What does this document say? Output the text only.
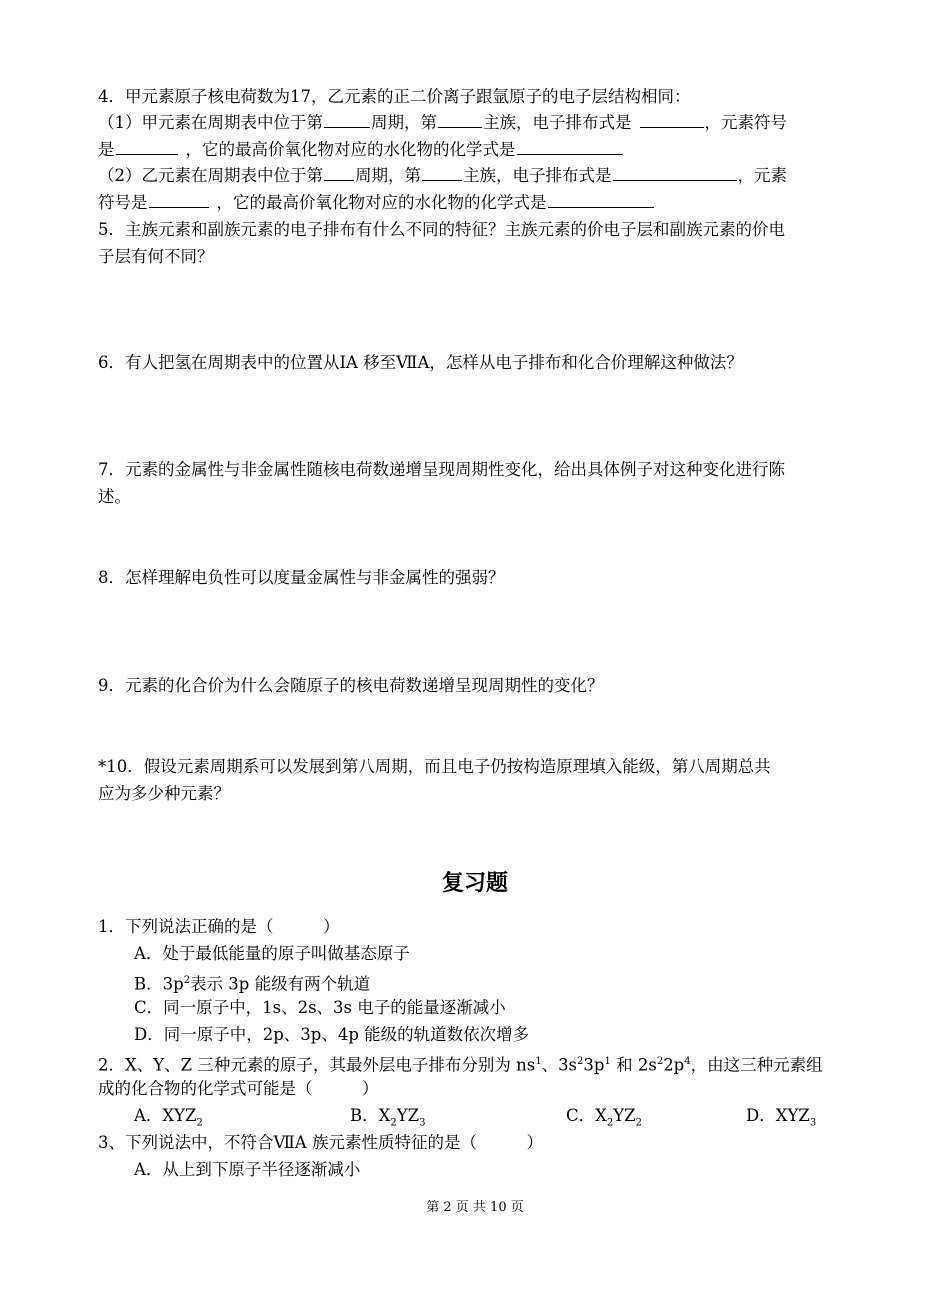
4．甲元素原子核电荷数为17，乙元素的正二价离子跟氩原子的电子层结构相同：
（1）甲元素在周期表中位于第	周期，第	主族，电子排布式是	，元素符号
是	，它的最高价氧化物对应的水化物的化学式是
（2）乙元素在周期表中位于第 周期，第	主族，电子排布式是	，元素
符号是	，它的最高价氧化物对应的水化物的化学式是
5．主族元素和副族元素的电子排布有什么不同的特征？主族元素的价电子层和副族元素的价电
子层有何不同？
6．有人把氢在周期表中的位置从ⅠA 移至ⅦA，怎样从电子排布和化合价理解这种做法？
7．元素的金属性与非金属性随核电荷数递增呈现周期性变化，给出具体例子对这种变化进行陈
述。
8．怎样理解电负性可以度量金属性与非金属性的强弱？
9．元素的化合价为什么会随原子的核电荷数递增呈现周期性的变化？
*10．假设元素周期系可以发展到第八周期，而且电子仍按构造原理填入能级，第八周期总共
应为多少种元素？
复习题
1．下列说法正确的是（　　　）
A．处于最低能量的原子叫做基态原子
B．$3p^2$表示 3p 能级有两个轨道
C．同一原子中，1s、2s、3s 电子的能量逐渐减小
D．同一原子中，2p、3p、4p 能级的轨道数依次增多
2．X、Y、Z 三种元素的原子，其最外层电子排布分别为 $ns^1$、$3s^23p^1$ 和 $2s^22p^4$，由这三种元素组
成的化合物的化学式可能是（　　　）
A．$XYZ_2$	B．$X_2YZ_3$	C．$X_2YZ_2$	D．$XYZ_3$
3、下列说法中，不符合ⅦA 族元素性质特征的是（　　　）
A．从上到下原子半径逐渐减小
第 2 页 共 10 页
